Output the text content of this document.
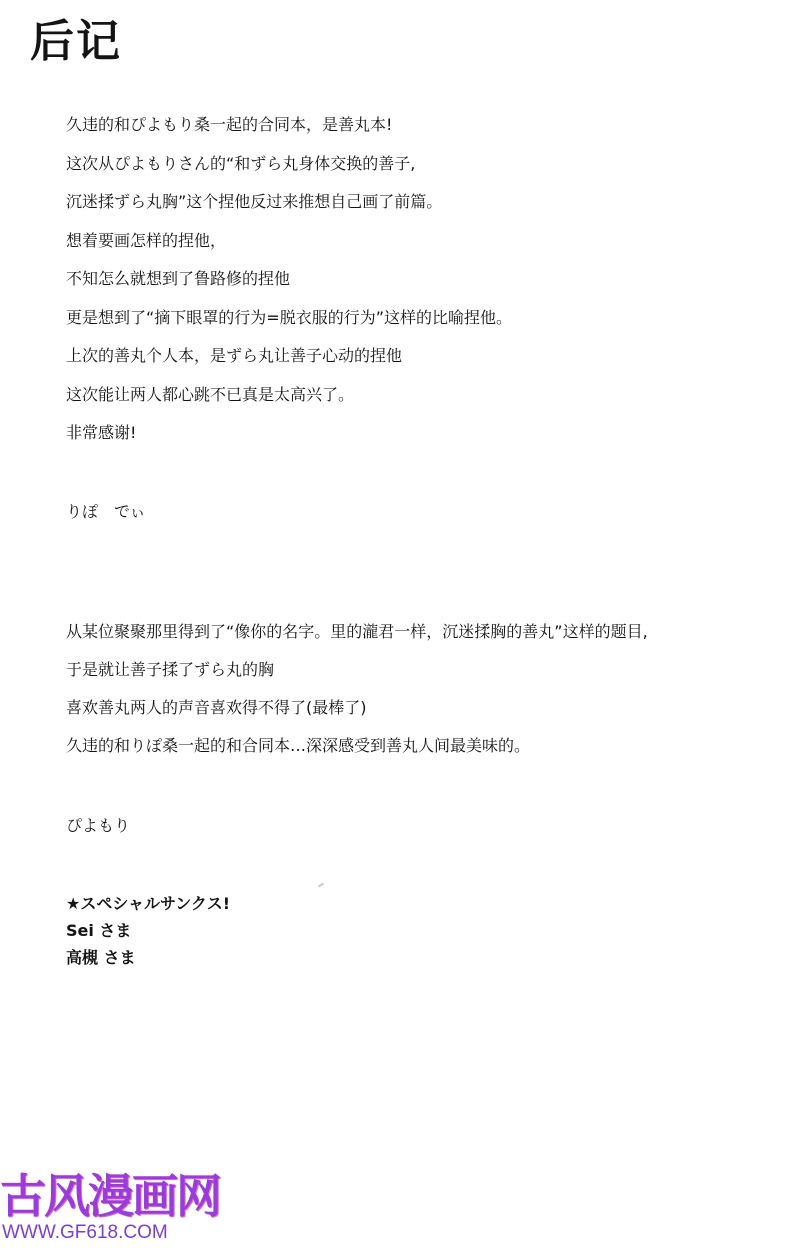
后记
久违的和ぴよもり桑一起的合同本，是善丸本!
这次从ぴよもりさん的“和ずら丸身体交换的善子,
沉迷揉ずら丸胸”这个捏他反过来推想自己画了前篇。
想着要画怎样的捏他，
不知怎么就想到了鲁路修的捏他
更是想到了“摘下眼罩的行为=脱衣服的行为”这样的比喻捏他。
上次的善丸个人本，是ずら丸让善子心动的捏他
这次能让两人都心跳不已真是太高兴了。
非常感谢!
りぽ　でぃ
从某位聚聚那里得到了“像你的名字。里的瀧君一样，沉迷揉胸的善丸”这样的题目,
于是就让善子揉了ずら丸的胸
喜欢善丸两人的声音喜欢得不得了(最棒了)
久违的和りぽ桑一起的和合同本…深深感受到善丸人间最美味的。
ぴよもり
★スペシャルサンクス!
Sei さま
高槻 さま
古风漫画网
WWW.GF618.COM
